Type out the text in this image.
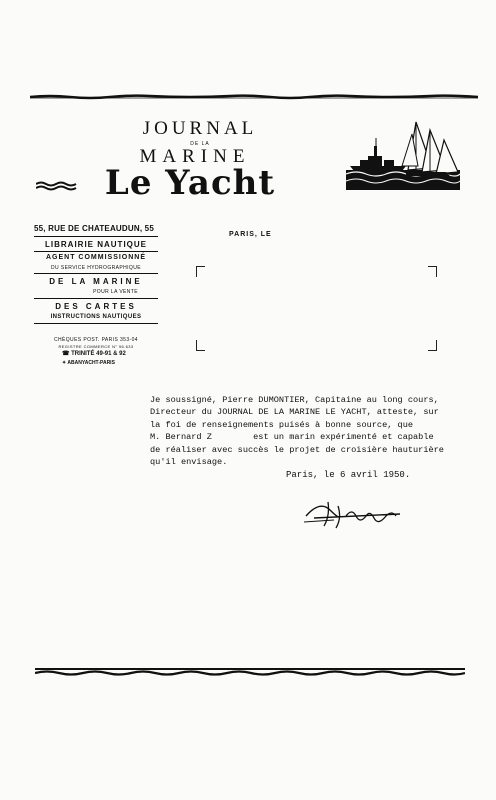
JOURNAL
DE LA
MARINE
Le Yacht
55, RUE DE CHATEAUDUN, 55
LIBRAIRIE NAUTIQUE
AGENT COMMISSIONNÉ
DU SERVICE HYDROGRAPHIQUE
DE LA MARINE
POUR LA VENTE
DES CARTES
INSTRUCTIONS NAUTIQUES
CHÈQUES POST. PARIS 353-04
REGISTRE COMMERCE N° 96.633
☎ TRINITÉ 49-91 & 92
✦ ABANYACHT-PARIS
PARIS, LE
Je soussigné, Pierre DUMONTIER, Capitaine au long cours,
Directeur du JOURNAL DE LA MARINE LE YACHT, atteste, sur
la foi de renseignements puisés à bonne source, que
M. Bernard Z        est un marin expérimenté et capable
de réaliser avec succès le projet de croisière hauturière
qu'il envisage.
Paris, le 6 avril 1950.
